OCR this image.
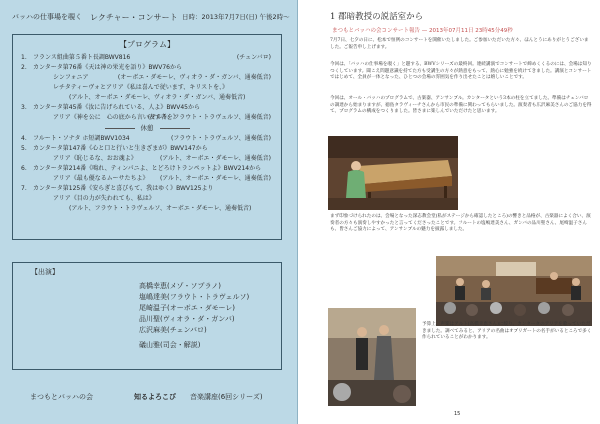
バッハの仕事場を覗く レクチャー・コンサート 日時：2013年7月7日(日) 午後2時～
【プログラム】
1. フランス組曲第５番ト長調BWV816	(チェンバロ)
2. カンタータ第76番《天は神の栄光を語り》BWV76から
シンフォニア	(オーボエ・ダモーレ、ヴィオラ・ダ・ガンバ、通奏低音)
レチタティーヴォとアリア《私は喜んで従います、キリストを、》
(アルト、オーボエ・ダモーレ、ヴィオラ・ダ・ガンバ、通奏低音)
3. カンタータ第45番《汝に告げられている、人よ》BWV45から
アリア《神を公に　心の底から言い表す者を》
(アルト、フラウト・トラヴェルソ、通奏低音)
休憩
4. フルート・ソナタ ホ短調BWV1034	(フラウト・トラヴェルソ、通奏低音)
5. カンタータ第147番《心と口と行いと生きざまが》BWV147から
アリア《恥じるな、おお魂よ》	(アルト、オーボエ・ダモーレ、通奏低音)
6. カンタータ第214番《鳴れ、ティンパニよ、とどろけトランペットよ》BWV214から
アリア《最も優なるムーサたちよ》 (アルト、オーボエ・ダモーレ、通奏低音)
7. カンタータ第125番《安らぎと喜びもて、我はゆく》BWV125より
アリア《目の力が失われても、私は》
(アルト、フラウト・トラヴェルソ、オーボエ・ダモーレ、通奏低音)
【出演】
高橋幸恵(メゾ・ソプラノ)
塩嶋達美(フラウト・トラヴェルソ)
尾崎温子(オーボエ・ダモーレ)
品川聖(ヴィオラ・ダ・ガンバ)
広沢麻美(チェンバロ)
礒山雅(司会・解説)
まつもとバッハの会	知るよろこび 音楽講座(6回シリーズ)
1 郡暗教授の説話室から
まつもとバッハの会コンサート報告 — 2013年07月11日 23時45分49秒
7月7日、七夕の日に、松本で恒例のコンサートを開催いたしました。ご参加いただいた方々、ほんとうにありがとうございました。ご報告申し上げます。
今回は、「バッハの仕事場を覗く」と題する、BWVシリーズの最終回。連続講演でコンサートで締めくくるのには、会場は知りつくしています。聞こえ問題意識を持てた方も受講生の方々が熱意をもって、熱心に勉強を続けてきました。講演とコンサートではじめて、全員が一体となった、ひとつの会場の雰囲気を作り出せたことは嬉しいことです。
今回は、オール・バッハのプログラムで、古楽器、アンサンブル。カンタータという3本の柱を立てました。準備はチェンバロの調達から始まりますが、徳島タラヴィーチさんから市民の準備に関わってもらいました。演奏者も広沢麻美さんのご協力を得て、プログラムの構成をつくりました。皆さまに楽しんでいただけたと思います。
まず印象づけられたのは、会場となった深志教会堂(私がステージから確認したところ)の響きと品格が、古楽器によく合い、演奏者の方々も演奏しやすかったと言ってくださったことです。フルートの塩嶋達美さん、ガンバの品川聖さん、尾崎温子さんも、皆さんご協力によって、アンサンブルの魅力を披露しました。
予算上、声楽はアルト(高橋幸恵さん)に絞り、カンタータのアリアを歌っていただきました。調べてみると、アリアの名曲はオブリガートの名手がいるところで多く作られていることがわかります。
15
